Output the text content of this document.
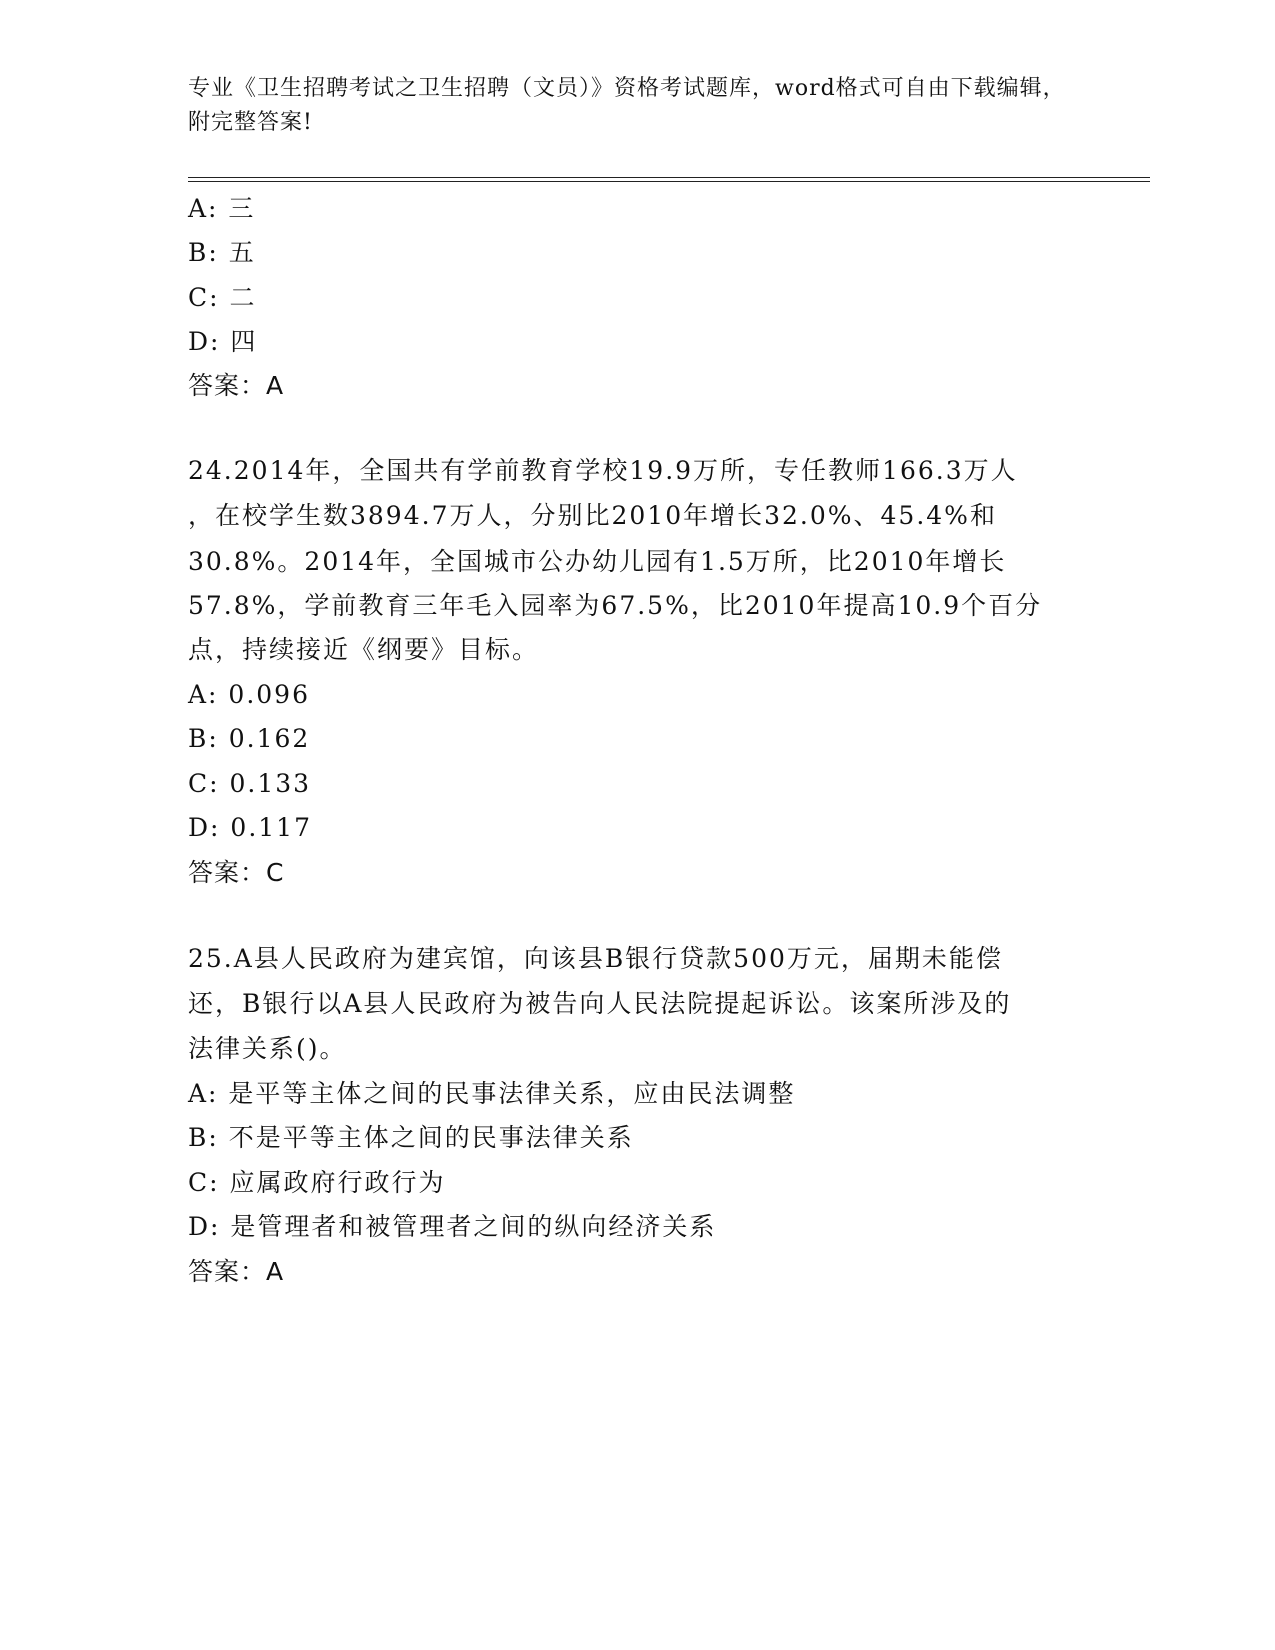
专业《卫生招聘考试之卫生招聘（文员）》资格考试题库，word格式可自由下载编辑，附完整答案!
A: 三
B: 五
C: 二
D: 四
答案：A
24.2014年，全国共有学前教育学校19.9万所，专任教师166.3万人
，在校学生数3894.7万人，分别比2010年增长32.0%、45.4%和
30.8%。2014年，全国城市公办幼儿园有1.5万所，比2010年增长
57.8%，学前教育三年毛入园率为67.5%，比2010年提高10.9个百分
点，持续接近《纲要》目标。
A: 0.096
B: 0.162
C: 0.133
D: 0.117
答案：C
25.A县人民政府为建宾馆，向该县B银行贷款500万元，届期未能偿
还，B银行以A县人民政府为被告向人民法院提起诉讼。该案所涉及的
法律关系()。
A: 是平等主体之间的民事法律关系，应由民法调整
B: 不是平等主体之间的民事法律关系
C: 应属政府行政行为
D: 是管理者和被管理者之间的纵向经济关系
答案：A
